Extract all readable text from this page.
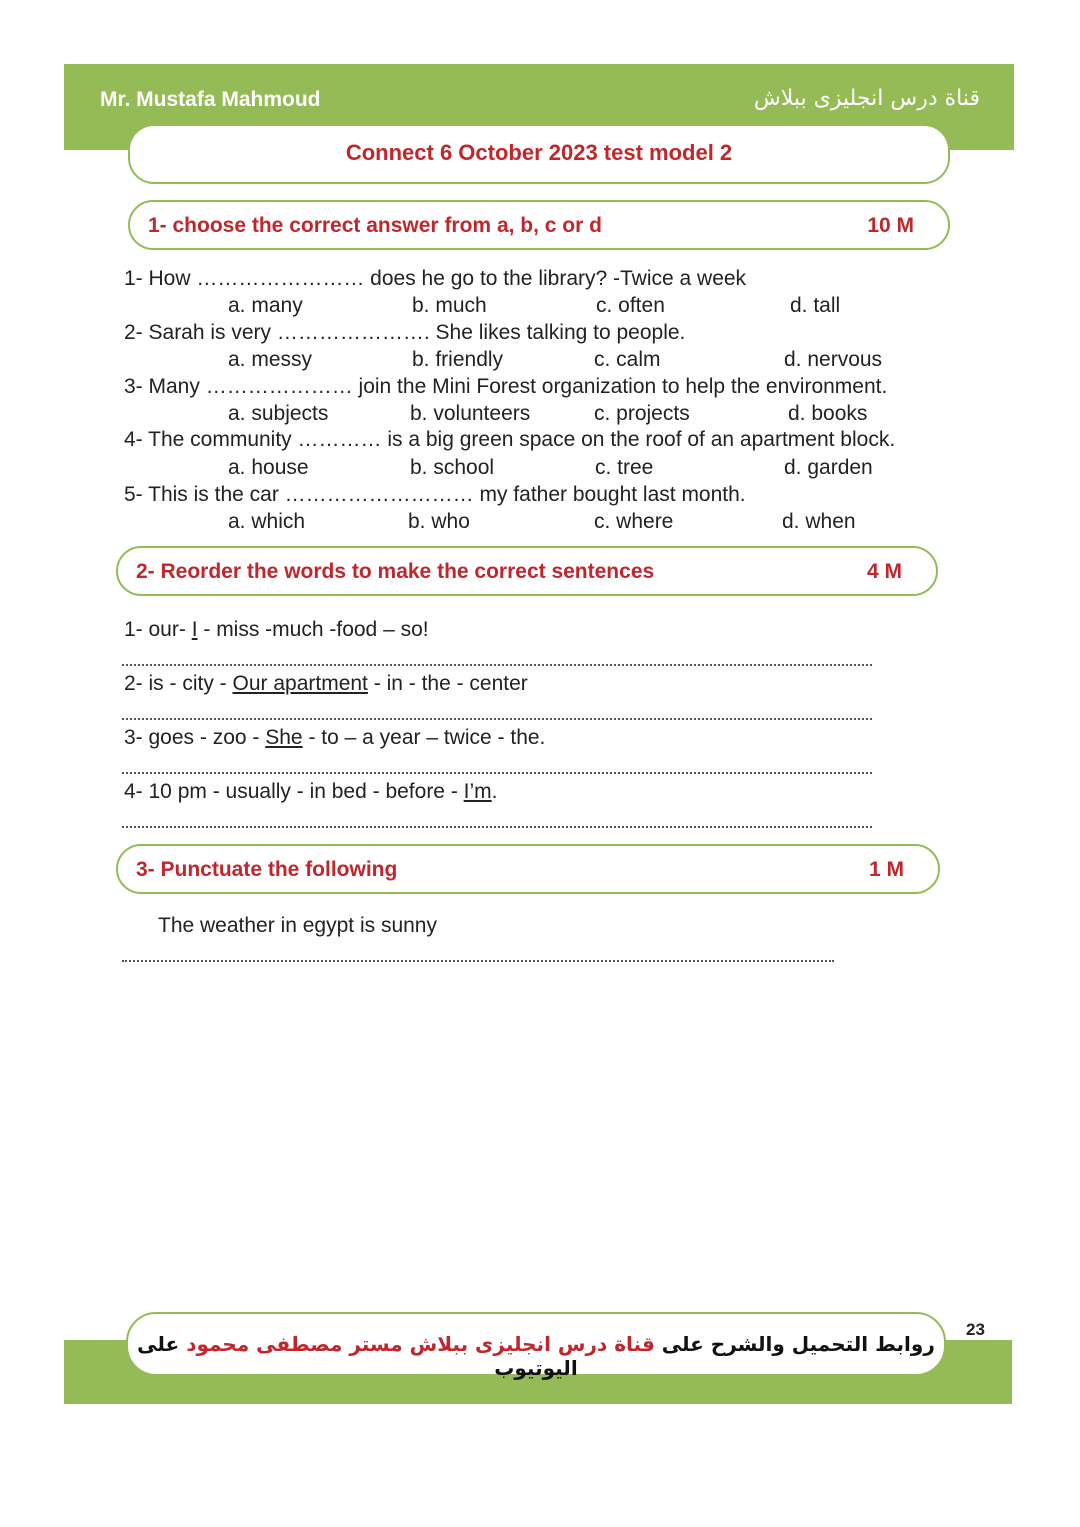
Mr. Mustafa Mahmoud	قناة درس انجليزى ببلاش
Connect 6 October 2023 test model 2
1- choose the correct answer from a, b, c or d	10 M
1- How …………………… does he go to the library? -Twice a week
a. many	b. much	c. often	d. tall
2- Sarah is very …………………. She likes talking to people.
a. messy	b. friendly	c. calm	d. nervous
3- Many ………………… join the Mini Forest organization to help the environment.
a. subjects	b. volunteers	c. projects	d. books
4- The community ………… is a big green space on the roof of an apartment block.
a. house	b. school	c. tree	d. garden
5- This is the car ……………………… my father bought last month.
a. which	b. who	c. where	d. when
2- Reorder the words to make the correct sentences	4 M
1- our- I - miss -much -food – so!
2- is - city - Our apartment - in - the - center
3- goes - zoo - She - to – a year – twice - the.
4- 10 pm - usually - in bed - before - I’m.
3- Punctuate the following	1 M
The weather in egypt is sunny
روابط التحميل والشرح على قناة درس انجليزى ببلاش مستر مصطفى محمود على اليوتيوب
23
